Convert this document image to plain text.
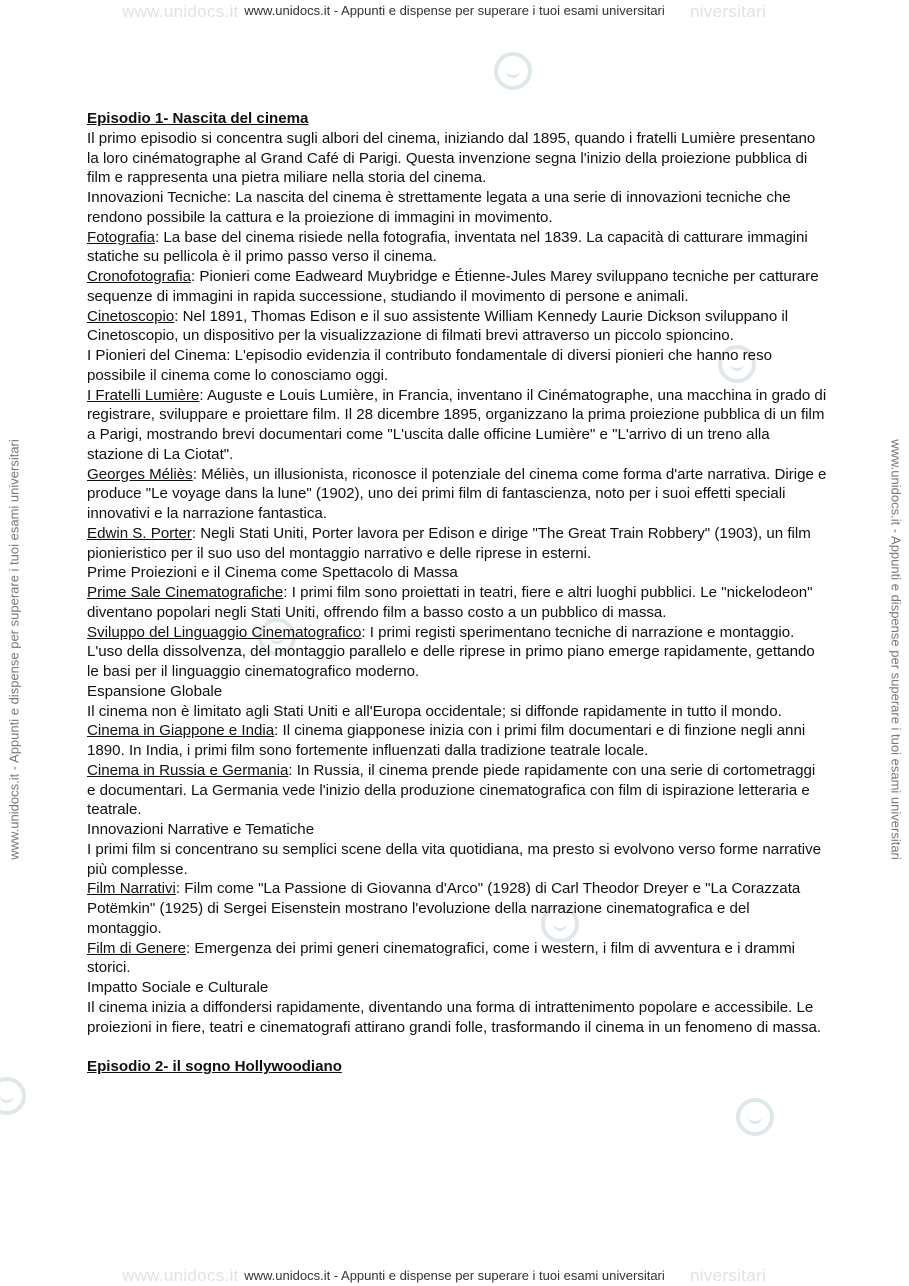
www.unidocs.it	niversitari
www.unidocs.it - Appunti e dispense per superare i tuoi esami universitari
www.unidocs.it	niversitari
www.unidocs.it - Appunti e dispense per superare i tuoi esami universitari
www.unidocs.it - Appunti e dispense per superare i tuoi esami universitari	www.unidocs.it - Appunti e dispense per superare i tuoi esami universitari

Episodio 1- Nascita del cinema

Il primo episodio si concentra sugli albori del cinema, iniziando dal 1895, quando i fratelli Lumière presentano la loro cinématographe al Grand Café di Parigi. Questa invenzione segna l'inizio della proiezione pubblica di film e rappresenta una pietra miliare nella storia del cinema.

Innovazioni Tecniche: La nascita del cinema è strettamente legata a una serie di innovazioni tecniche che rendono possibile la cattura e la proiezione di immagini in movimento.

Fotografia: La base del cinema risiede nella fotografia, inventata nel 1839. La capacità di catturare immagini statiche su pellicola è il primo passo verso il cinema.

Cronofotografia: Pionieri come Eadweard Muybridge e Étienne-Jules Marey sviluppano tecniche per catturare sequenze di immagini in rapida successione, studiando il movimento di persone e animali.

Cinetoscopio: Nel 1891, Thomas Edison e il suo assistente William Kennedy Laurie Dickson sviluppano il Cinetoscopio, un dispositivo per la visualizzazione di filmati brevi attraverso un piccolo spioncino.

I Pionieri del Cinema: L'episodio evidenzia il contributo fondamentale di diversi pionieri che hanno reso possibile il cinema come lo conosciamo oggi.

I Fratelli Lumière: Auguste e Louis Lumière, in Francia, inventano il Cinématographe, una macchina in grado di registrare, sviluppare e proiettare film. Il 28 dicembre 1895, organizzano la prima proiezione pubblica di un film a Parigi, mostrando brevi documentari come "L'uscita dalle officine Lumière" e "L'arrivo di un treno alla stazione di La Ciotat".

Georges Méliès: Méliès, un illusionista, riconosce il potenziale del cinema come forma d'arte narrativa. Dirige e produce "Le voyage dans la lune" (1902), uno dei primi film di fantascienza, noto per i suoi effetti speciali innovativi e la narrazione fantastica.

Edwin S. Porter: Negli Stati Uniti, Porter lavora per Edison e dirige "The Great Train Robbery" (1903), un film pionieristico per il suo uso del montaggio narrativo e delle riprese in esterni.

Prime Proiezioni e il Cinema come Spettacolo di Massa

Prime Sale Cinematografiche: I primi film sono proiettati in teatri, fiere e altri luoghi pubblici. Le "nickelodeon" diventano popolari negli Stati Uniti, offrendo film a basso costo a un pubblico di massa.

Sviluppo del Linguaggio Cinematografico: I primi registi sperimentano tecniche di narrazione e montaggio. L'uso della dissolvenza, del montaggio parallelo e delle riprese in primo piano emerge rapidamente, gettando le basi per il linguaggio cinematografico moderno.

Espansione Globale

Il cinema non è limitato agli Stati Uniti e all'Europa occidentale; si diffonde rapidamente in tutto il mondo.

Cinema in Giappone e India: Il cinema giapponese inizia con i primi film documentari e di finzione negli anni 1890. In India, i primi film sono fortemente influenzati dalla tradizione teatrale locale.

Cinema in Russia e Germania: In Russia, il cinema prende piede rapidamente con una serie di cortometraggi e documentari. La Germania vede l'inizio della produzione cinematografica con film di ispirazione letteraria e teatrale.

Innovazioni Narrative e Tematiche

I primi film si concentrano su semplici scene della vita quotidiana, ma presto si evolvono verso forme narrative più complesse.

Film Narrativi: Film come "La Passione di Giovanna d'Arco" (1928) di Carl Theodor Dreyer e "La Corazzata Potëmkin" (1925) di Sergei Eisenstein mostrano l'evoluzione della narrazione cinematografica e del montaggio.

Film di Genere: Emergenza dei primi generi cinematografici, come i western, i film di avventura e i drammi storici.

Impatto Sociale e Culturale

Il cinema inizia a diffondersi rapidamente, diventando una forma di intrattenimento popolare e accessibile. Le proiezioni in fiere, teatri e cinematografi attirano grandi folle, trasformando il cinema in un fenomeno di massa.

Episodio 2- il sogno Hollywoodiano
